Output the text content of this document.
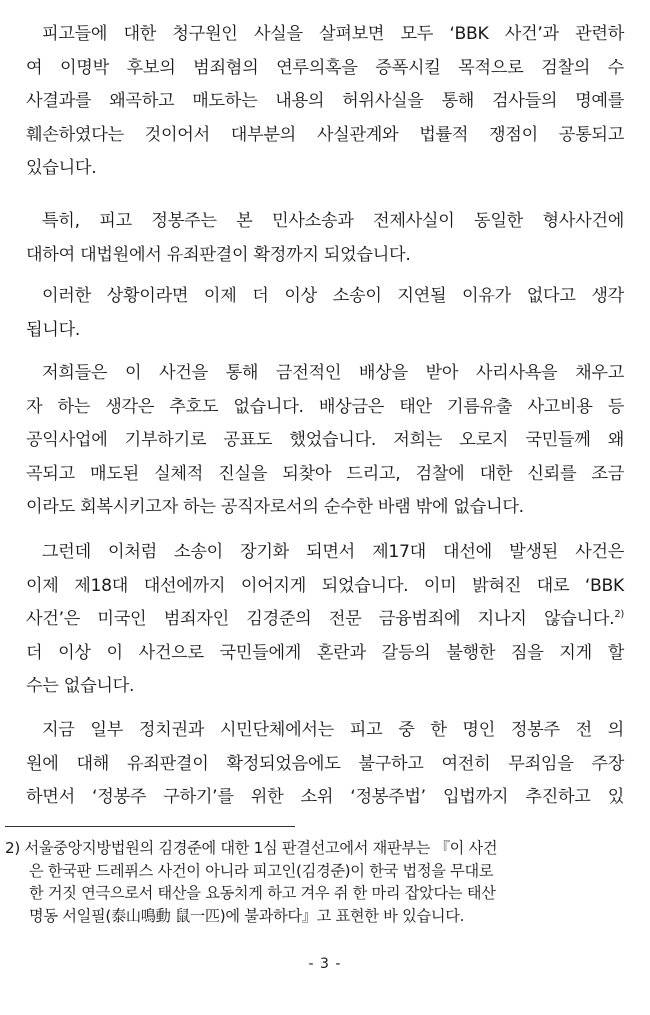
피고들에 대한 청구원인 사실을 살펴보면 모두 ‘BBK 사건’과 관련하
여 이명박 후보의 범죄혐의 연루의혹을 증폭시킬 목적으로 검찰의 수
사결과를 왜곡하고 매도하는 내용의 허위사실을 통해 검사들의 명예를
훼손하였다는 것이어서 대부분의 사실관계와 법률적 쟁점이 공통되고
있습니다.
특히, 피고 정봉주는 본 민사소송과 전제사실이 동일한 형사사건에
대하여 대법원에서 유죄판결이 확정까지 되었습니다.
이러한 상황이라면 이제 더 이상 소송이 지연될 이유가 없다고 생각
됩니다.
저희들은 이 사건을 통해 금전적인 배상을 받아 사리사욕을 채우고
자 하는 생각은 추호도 없습니다. 배상금은 태안 기름유출 사고비용 등
공익사업에 기부하기로 공표도 했었습니다. 저희는 오로지 국민들께 왜
곡되고 매도된 실체적 진실을 되찾아 드리고, 검찰에 대한 신뢰를 조금
이라도 회복시키고자 하는 공직자로서의 순수한 바램 밖에 없습니다.
그런데 이처럼 소송이 장기화 되면서 제17대 대선에 발생된 사건은
이제 제18대 대선에까지 이어지게 되었습니다. 이미 밝혀진 대로 ‘BBK
사건’은 미국인 범죄자인 김경준의 전문 금융범죄에 지나지 않습니다.$^{2)}$
더 이상 이 사건으로 국민들에게 혼란과 갈등의 불행한 짐을 지게 할
수는 없습니다.
지금 일부 정치권과 시민단체에서는 피고 중 한 명인 정봉주 전 의
원에 대해 유죄판결이 확정되었음에도 불구하고 여전히 무죄임을 주장
하면서 ‘정봉주 구하기’를 위한 소위 ‘정봉주법’ 입법까지 추진하고 있
2) 서울중앙지방법원의 김경준에 대한 1심 판결선고에서 재판부는 『이 사건
은 한국판 드레퓌스 사건이 아니라 피고인(김경준)이 한국 법정을 무대로
한 거짓 연극으로서 태산을 요동치게 하고 겨우 쥐 한 마리 잡았다는 태산
명동 서일필(泰山鳴動 鼠一匹)에 불과하다』고 표현한 바 있습니다.
- 3 -
